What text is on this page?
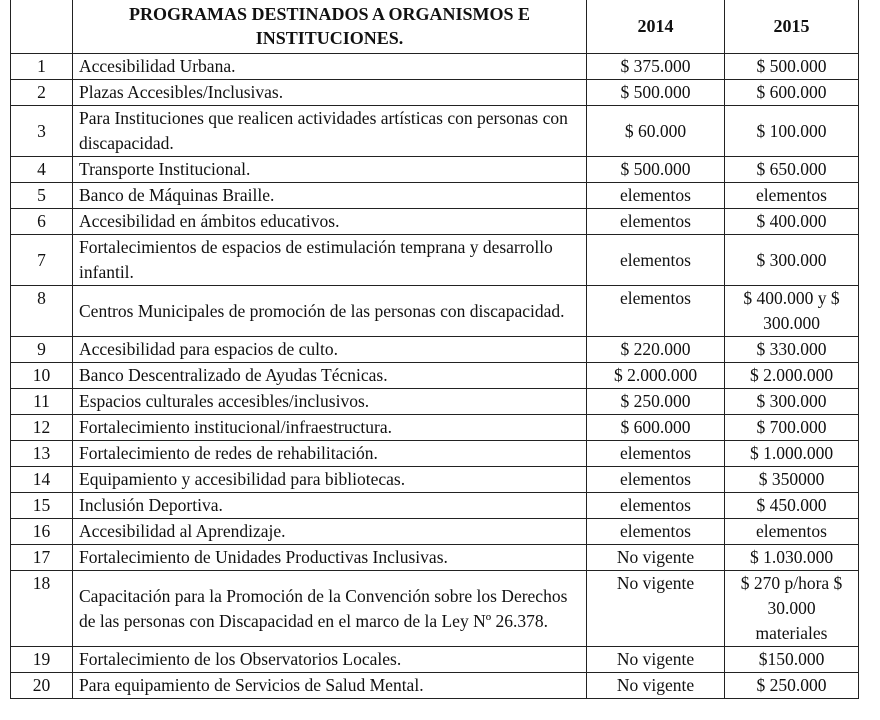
	PROGRAMAS DESTINADOS A ORGANISMOS E INSTITUCIONES.	2014	2015
1	Accesibilidad Urbana.	$ 375.000	$ 500.000
2	Plazas Accesibles/Inclusivas.	$ 500.000	$ 600.000
3	Para Instituciones que realicen actividades artísticas con personas con discapacidad.	$ 60.000	$ 100.000
4	Transporte Institucional.	$ 500.000	$ 650.000
5	Banco de Máquinas Braille.	elementos	elementos
6	Accesibilidad en ámbitos educativos.	elementos	$ 400.000
7	Fortalecimientos de espacios de estimulación temprana y desarrollo infantil.	elementos	$ 300.000
8	Centros Municipales de promoción de las personas con discapacidad.	elementos	$ 400.000 y $ 300.000
9	Accesibilidad para espacios de culto.	$ 220.000	$ 330.000
10	Banco Descentralizado de Ayudas Técnicas.	$ 2.000.000	$ 2.000.000
11	Espacios culturales accesibles/inclusivos.	$ 250.000	$ 300.000
12	Fortalecimiento institucional/infraestructura.	$ 600.000	$ 700.000
13	Fortalecimiento de redes de rehabilitación.	elementos	$ 1.000.000
14	Equipamiento y accesibilidad para bibliotecas.	elementos	$ 350000
15	Inclusión Deportiva.	elementos	$ 450.000
16	Accesibilidad al Aprendizaje.	elementos	elementos
17	Fortalecimiento de Unidades Productivas Inclusivas.	No vigente	$ 1.030.000
18	Capacitación para la Promoción de la Convención sobre los Derechos de las personas con Discapacidad en el marco de la Ley Nº 26.378.	No vigente	$ 270 p/hora $ 30.000 materiales
19	Fortalecimiento de los Observatorios Locales.	No vigente	$150.000
20	Para equipamiento de Servicios de Salud Mental.	No vigente	$ 250.000
